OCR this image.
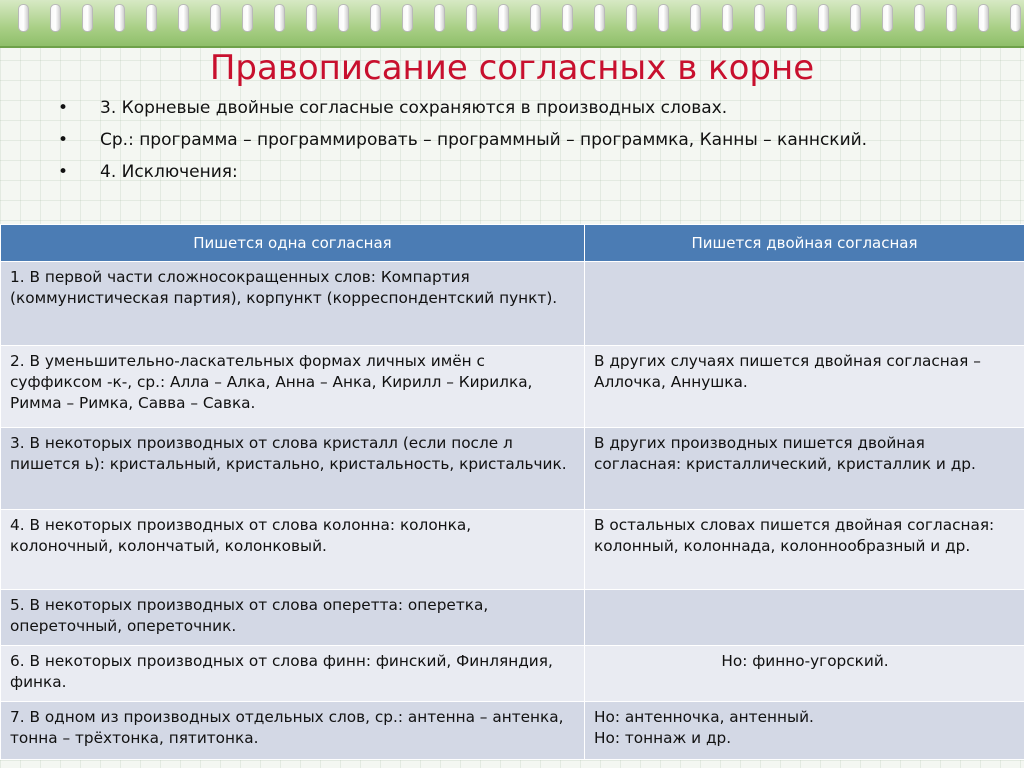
Правописание согласных в корне
• 3. Корневые двойные согласные сохраняются в производных словах.
• Ср.: программа – программировать – программный – программка, Канны – каннский.
• 4. Исключения:
Пишется одна согласная	Пишется двойная согласная
1. В первой части сложносокращенных слов: Компартия (коммунистическая партия), корпункт (корреспондентский пункт).	
2. В уменьшительно-ласкательных формах личных имён с суффиксом -к-, ср.: Алла – Алка, Анна – Анка, Кирилл – Кирилка, Римма – Римка, Савва – Савка.	В других случаях пишется двойная согласная – Аллочка, Аннушка.
3. В некоторых производных от слова кристалл (если после л пишется ь): кристальный, кристально, кристальность, кристальчик.	В других производных пишется двойная согласная: кристаллический, кристаллик и др.
4. В некоторых производных от слова колонна: колонка, колоночный, колончатый, колонковый.	В остальных словах пишется двойная согласная: колонный, колоннада, колоннообразный и др.
5. В некоторых производных от слова оперетта: оперетка, опереточный, опереточник.	
6. В некоторых производных от слова финн: финский, Финляндия, финка.	Но: финно-угорский.
7. В одном из производных отдельных слов, ср.: антенна – антенка, тонна – трёхтонка, пятитонка.	Но: антенночка, антенный.
Но: тоннаж и др.
